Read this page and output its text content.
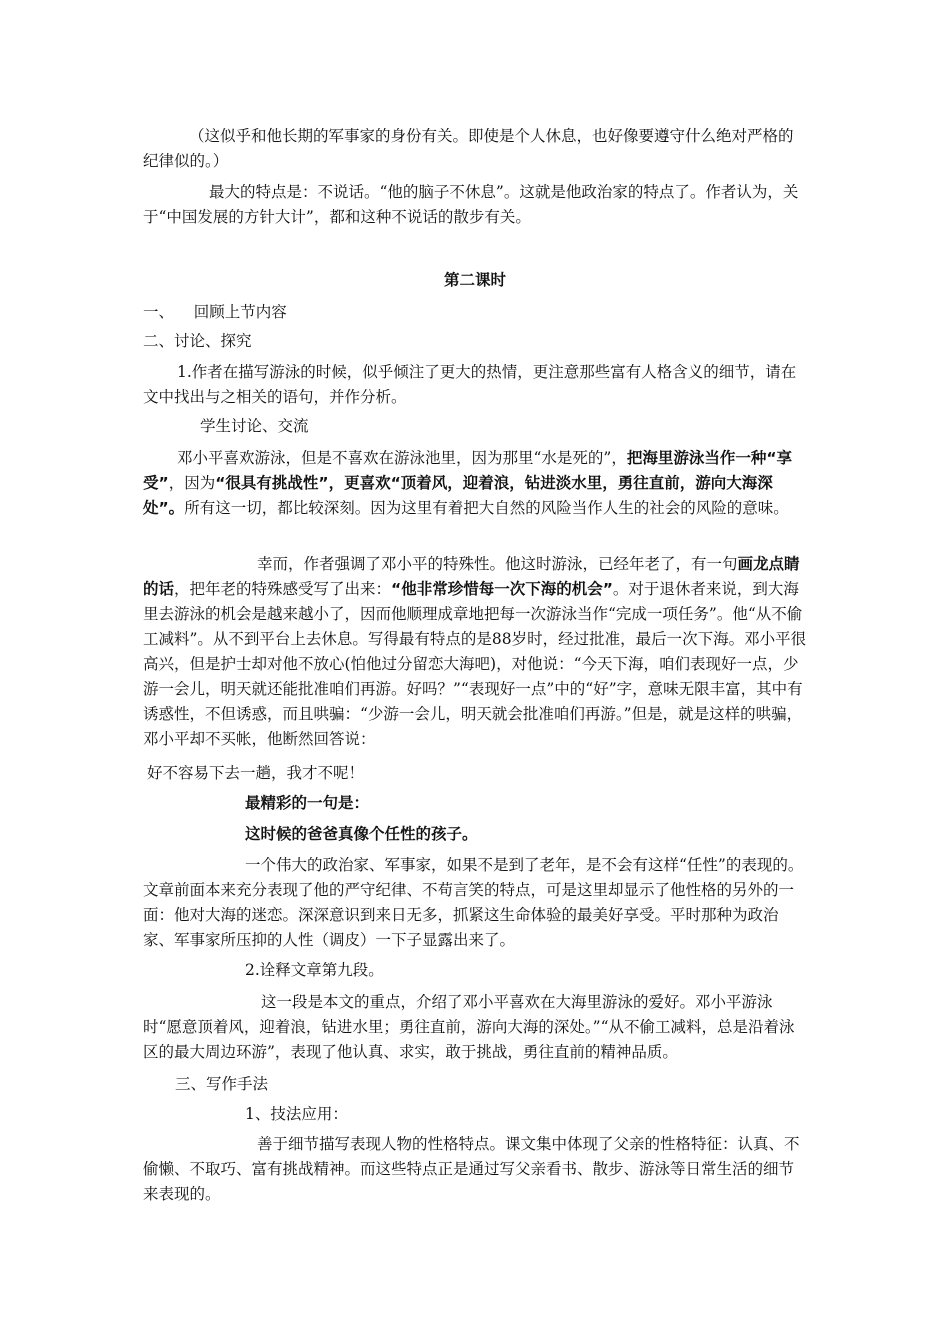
（这似乎和他长期的军事家的身份有关。即使是个人休息，也好像要遵守什么绝对严格的纪律似的。）

最大的特点是：不说话。“他的脑子不休息”。这就是他政治家的特点了。作者认为，关于“中国发展的方针大计”，都和这种不说话的散步有关。

第二课时

一、    回顾上节内容

二、讨论、探究

1.作者在描写游泳的时候，似乎倾注了更大的热情，更注意那些富有人格含义的细节，请在文中找出与之相关的语句，并作分析。

学生讨论、交流

邓小平喜欢游泳，但是不喜欢在游泳池里，因为那里“水是死的”，把海里游泳当作一种“享受”，因为“很具有挑战性”，更喜欢“顶着风，迎着浪，钻进淡水里，勇往直前，游向大海深处”。所有这一切，都比较深刻。因为这里有着把大自然的风险当作人生的社会的风险的意味。

幸而，作者强调了邓小平的特殊性。他这时游泳，已经年老了，有一句画龙点睛的话，把年老的特殊感受写了出来：“他非常珍惜每一次下海的机会”。对于退休者来说，到大海里去游泳的机会是越来越小了，因而他顺理成章地把每一次游泳当作“完成一项任务”。他“从不偷工减料”。从不到平台上去休息。写得最有特点的是88岁时，经过批准，最后一次下海。邓小平很高兴，但是护士却对他不放心(怕他过分留恋大海吧)，对他说：“今天下海，咱们表现好一点，少游一会儿，明天就还能批准咱们再游。好吗？”“表现好一点”中的“好”字，意味无限丰富，其中有诱惑性，不但诱惑，而且哄骗：“少游一会儿，明天就会批准咱们再游。”但是，就是这样的哄骗，邓小平却不买帐，他断然回答说：

好不容易下去一趟，我才不呢！

最精彩的一句是：

这时候的爸爸真像个任性的孩子。

一个伟大的政治家、军事家，如果不是到了老年，是不会有这样“任性”的表现的。文章前面本来充分表现了他的严守纪律、不苟言笑的特点，可是这里却显示了他性格的另外的一面：他对大海的迷恋。深深意识到来日无多，抓紧这生命体验的最美好享受。平时那种为政治家、军事家所压抑的人性（调皮）一下子显露出来了。

2.诠释文章第九段。

这一段是本文的重点，介绍了邓小平喜欢在大海里游泳的爱好。邓小平游泳时“愿意顶着风，迎着浪，钻进水里；勇往直前，游向大海的深处。”“从不偷工减料，总是沿着泳区的最大周边环游”，表现了他认真、求实，敢于挑战，勇往直前的精神品质。

三、写作手法

1、技法应用：

善于细节描写表现人物的性格特点。课文集中体现了父亲的性格特征：认真、不偷懒、不取巧、富有挑战精神。而这些特点正是通过写父亲看书、散步、游泳等日常生活的细节来表现的。
